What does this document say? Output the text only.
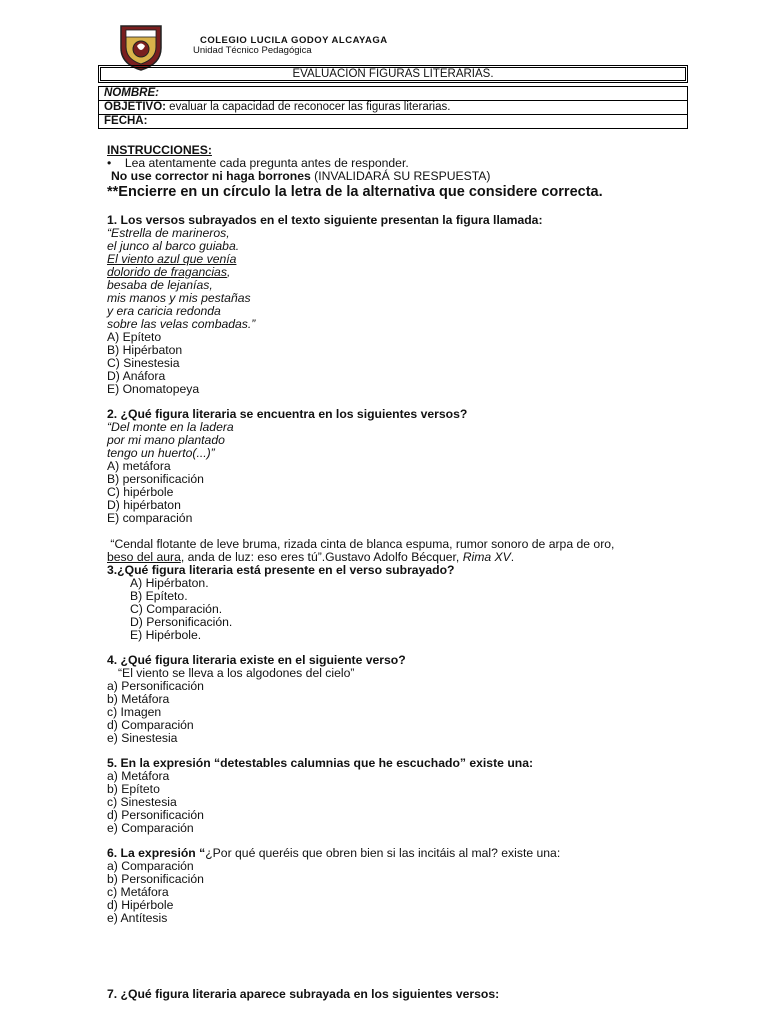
COLEGIO LUCILA GODOY ALCAYAGA
Unidad Técnico Pedagógica
EVALUACION FIGURAS LITERARIAS.
NOMBRE:
OBJETIVO: evaluar la capacidad de reconocer las figuras literarias.
FECHA:
INSTRUCCIONES:
•    Lea atentamente cada pregunta antes de responder.
No use corrector ni haga borrones (INVALIDARÁ SU RESPUESTA)
**Encierre en un círculo la letra de la alternativa que considere correcta.
1. Los versos subrayados en el texto siguiente presentan la figura llamada:
“Estrella de marineros,
el junco al barco guiaba.
El viento azul que venía
dolorido de fragancias,
besaba de lejanías,
mis manos y mis pestañas
y era caricia redonda
sobre las velas combadas.”
A) Epíteto
B) Hipérbaton
C) Sinestesia
D) Anáfora
E) Onomatopeya
2. ¿Qué figura literaria se encuentra en los siguientes versos?
“Del monte en la ladera
por mi mano plantado
tengo un huerto(...)”
A) metáfora
B) personificación
C) hipérbole
D) hipérbaton
E) comparación
“Cendal flotante de leve bruma, rizada cinta de blanca espuma, rumor sonoro de arpa de oro,
beso del aura, anda de luz: eso eres tú”.Gustavo Adolfo Bécquer, Rima XV.
3.¿Qué figura literaria está presente en el verso subrayado?
A) Hipérbaton.
B) Epíteto.
C) Comparación.
D) Personificación.
E) Hipérbole.
4. ¿Qué figura literaria existe en el siguiente verso?
“El viento se lleva a los algodones del cielo”
a) Personificación
b) Metáfora
c) Imagen
d) Comparación
e) Sinestesia
5. En la expresión “detestables calumnias que he escuchado” existe una:
a) Metáfora
b) Epíteto
c) Sinestesia
d) Personificación
e) Comparación
6. La expresión “¿Por qué queréis que obren bien si las incitáis al mal? existe una:
a) Comparación
b) Personificación
c) Metáfora
d) Hipérbole
e) Antítesis
7. ¿Qué figura literaria aparece subrayada en los siguientes versos:
